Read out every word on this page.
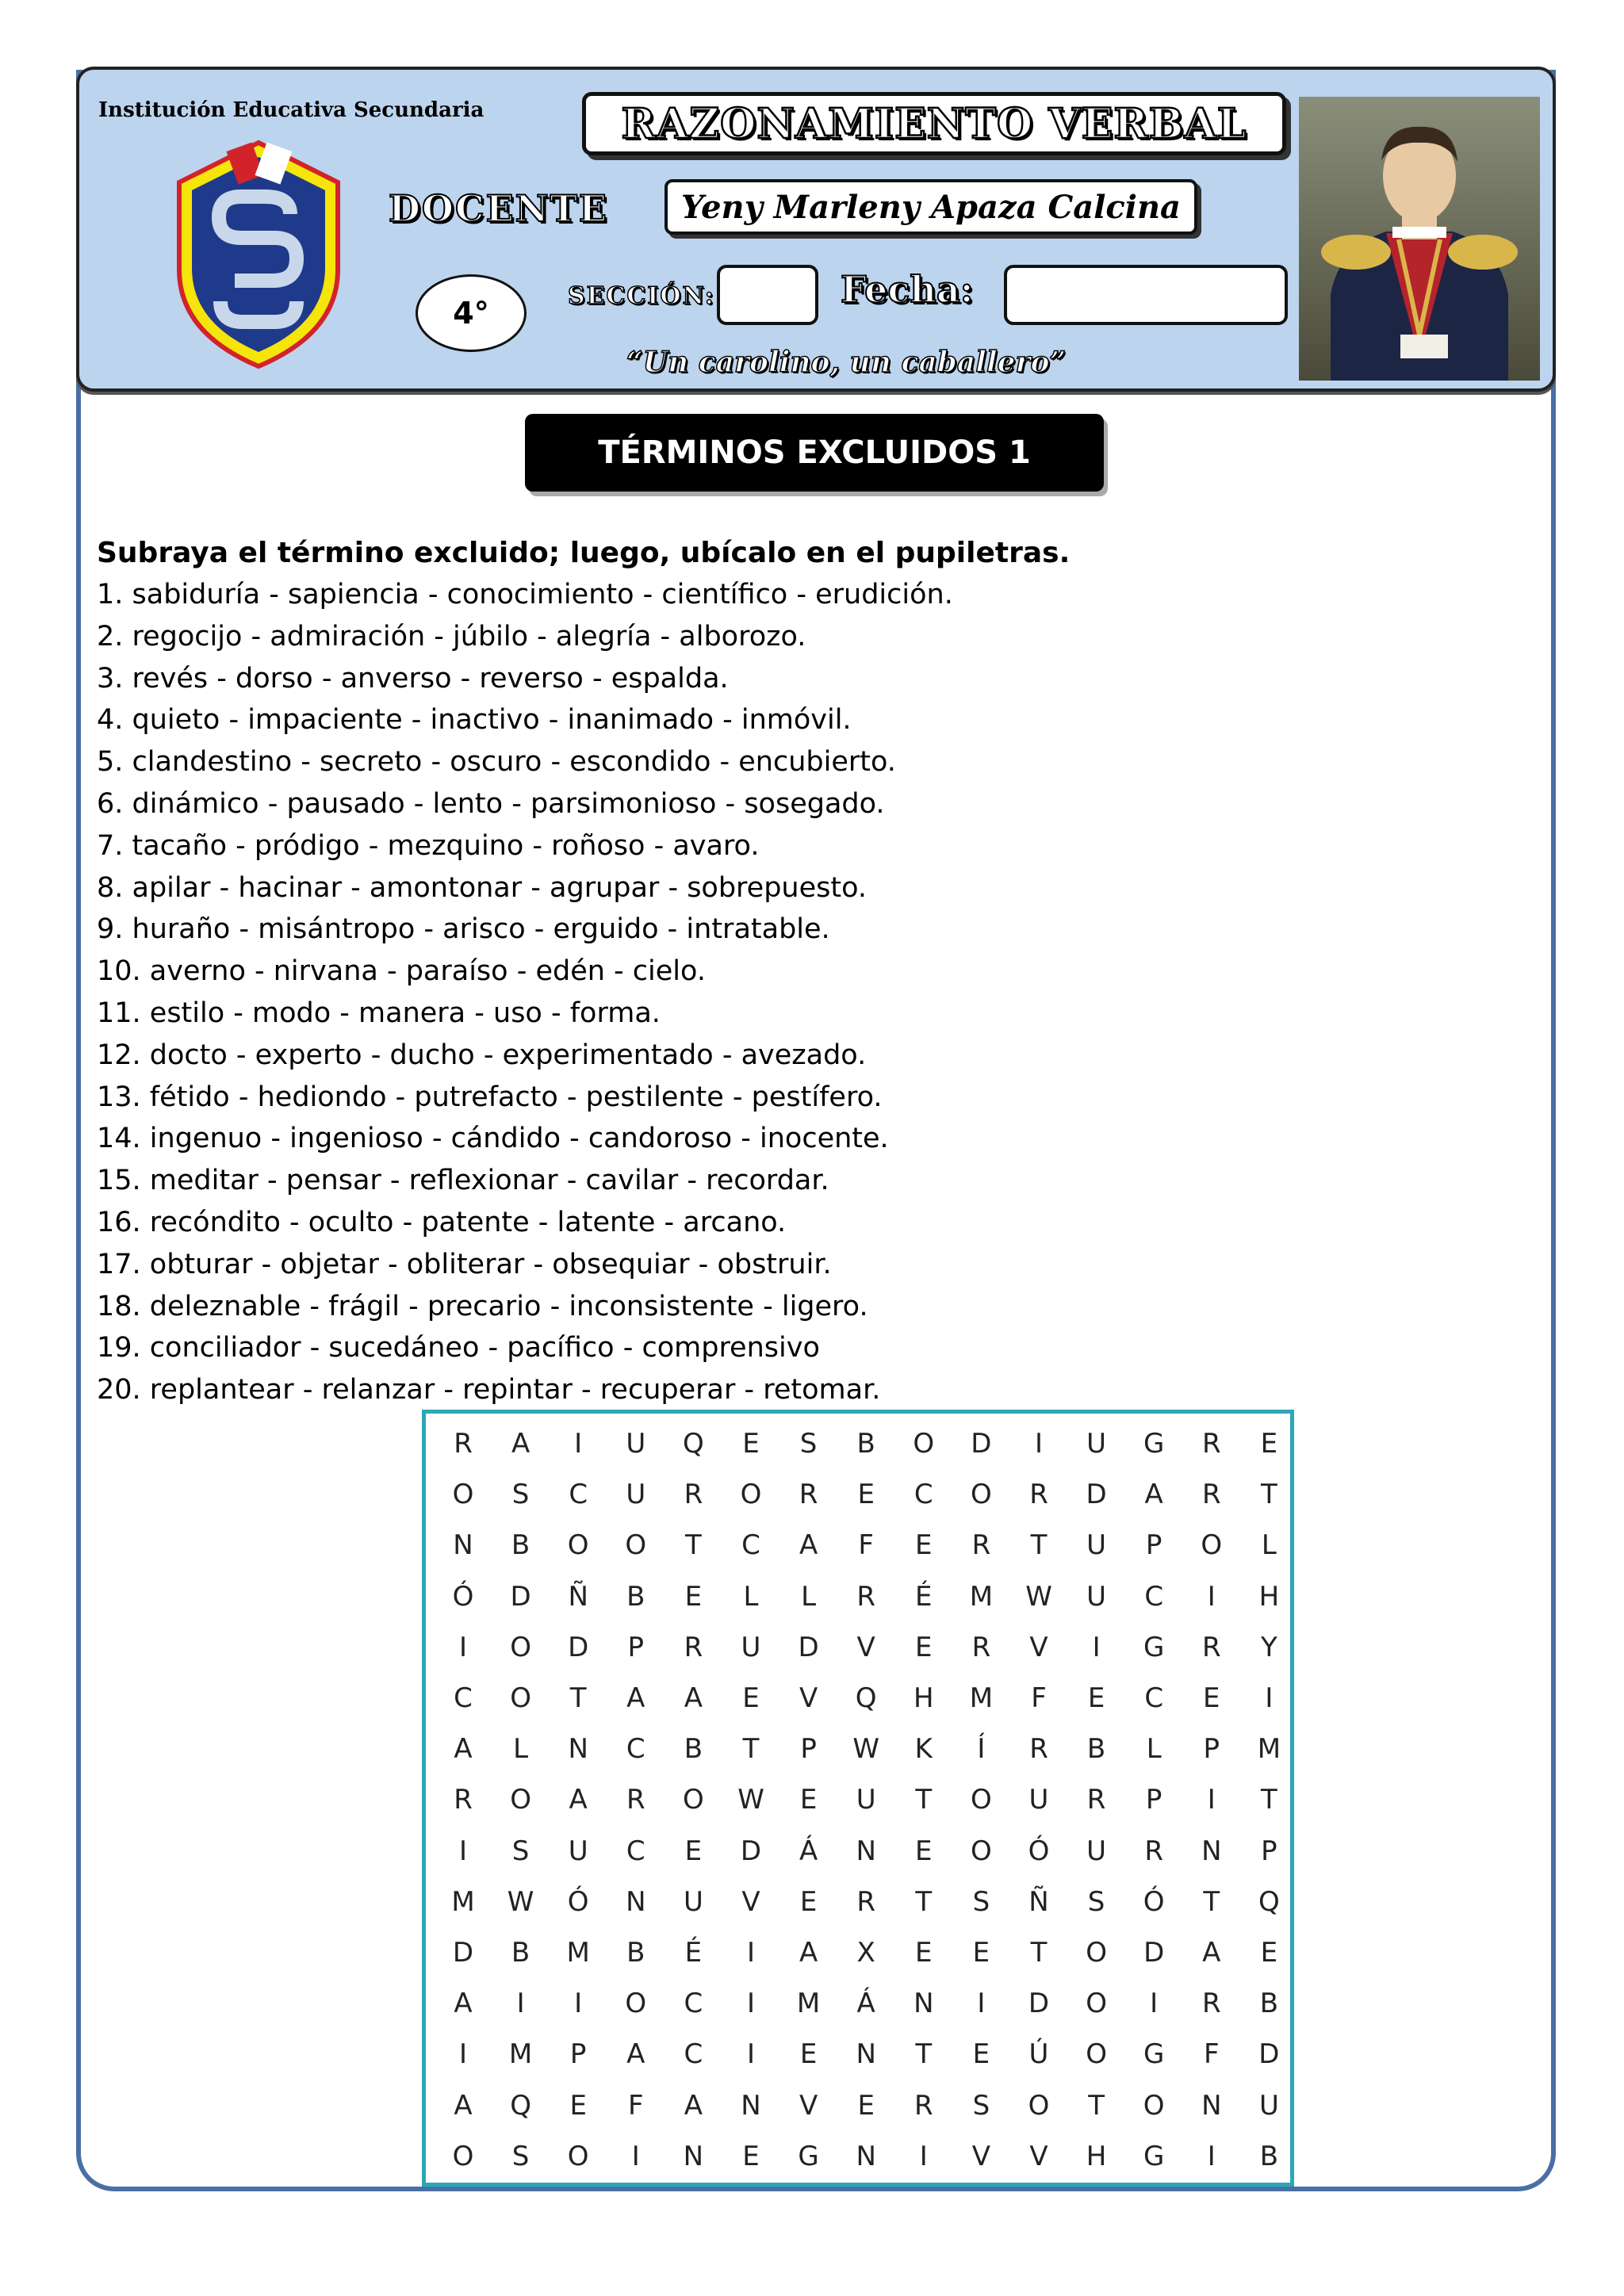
Institución Educativa Secundaria	RAZONAMIENTO VERBAL
DOCENTE Yeny Marleny Apaza Calcina
4°	SECCIÓN:	Fecha:
“Un carolino, un caballero”
TÉRMINOS EXCLUIDOS 1
Subraya el término excluido; luego, ubícalo en el pupiletras.
1. sabiduría - sapiencia - conocimiento - científico - erudición.
2. regocijo - admiración - júbilo - alegría - alborozo.
3. revés - dorso - anverso - reverso - espalda.
4. quieto - impaciente - inactivo - inanimado - inmóvil.
5. clandestino - secreto - oscuro - escondido - encubierto.
6. dinámico - pausado - lento - parsimonioso - sosegado.
7. tacaño - pródigo - mezquino - roñoso - avaro.
8. apilar - hacinar - amontonar - agrupar - sobrepuesto.
9. huraño - misántropo - arisco - erguido - intratable.
10. averno - nirvana - paraíso - edén - cielo.
11. estilo - modo - manera - uso - forma.
12. docto - experto - ducho - experimentado - avezado.
13. fétido - hediondo - putrefacto - pestilente - pestífero.
14. ingenuo - ingenioso - cándido - candoroso - inocente.
15. meditar - pensar - reflexionar - cavilar - recordar.
16. recóndito - oculto - patente - latente - arcano.
17. obturar - objetar - obliterar - obsequiar - obstruir.
18. deleznable - frágil - precario - inconsistente - ligero.
19. conciliador - sucedáneo - pacífico - comprensivo
20. replantear - relanzar - repintar - recuperar - retomar.
R	A	I	U	Q	E	S	B	O	D	I	U	G	R	E
O	S	C	U	R	O	R	E	C	O	R	D	A	R	T
N	B	O	O	T	C	A	F	E	R	T	U	P	O	L
Ó	D	Ñ	B	E	L	L	R	É	M	W	U	C	I	H
I	O	D	P	R	U	D	V	E	R	V	I	G	R	Y
C	O	T	A	A	E	V	Q	H	M	F	E	C	E	I
A	L	N	C	B	T	P	W	K	Í	R	B	L	P	M
R	O	A	R	O	W	E	U	T	O	U	R	P	I	T
I	S	U	C	E	D	Á	N	E	O	Ó	U	R	N	P
M	W	Ó	N	U	V	E	R	T	S	Ñ	S	Ó	T	Q
D	B	M	B	É	I	A	X	E	E	T	O	D	A	E
A	I	I	O	C	I	M	Á	N	I	D	O	I	R	B
I	M	P	A	C	I	E	N	T	E	Ú	O	G	F	D
A	Q	E	F	A	N	V	E	R	S	O	T	O	N	U
O	S	O	I	N	E	G	N	I	V	V	H	G	I	B
